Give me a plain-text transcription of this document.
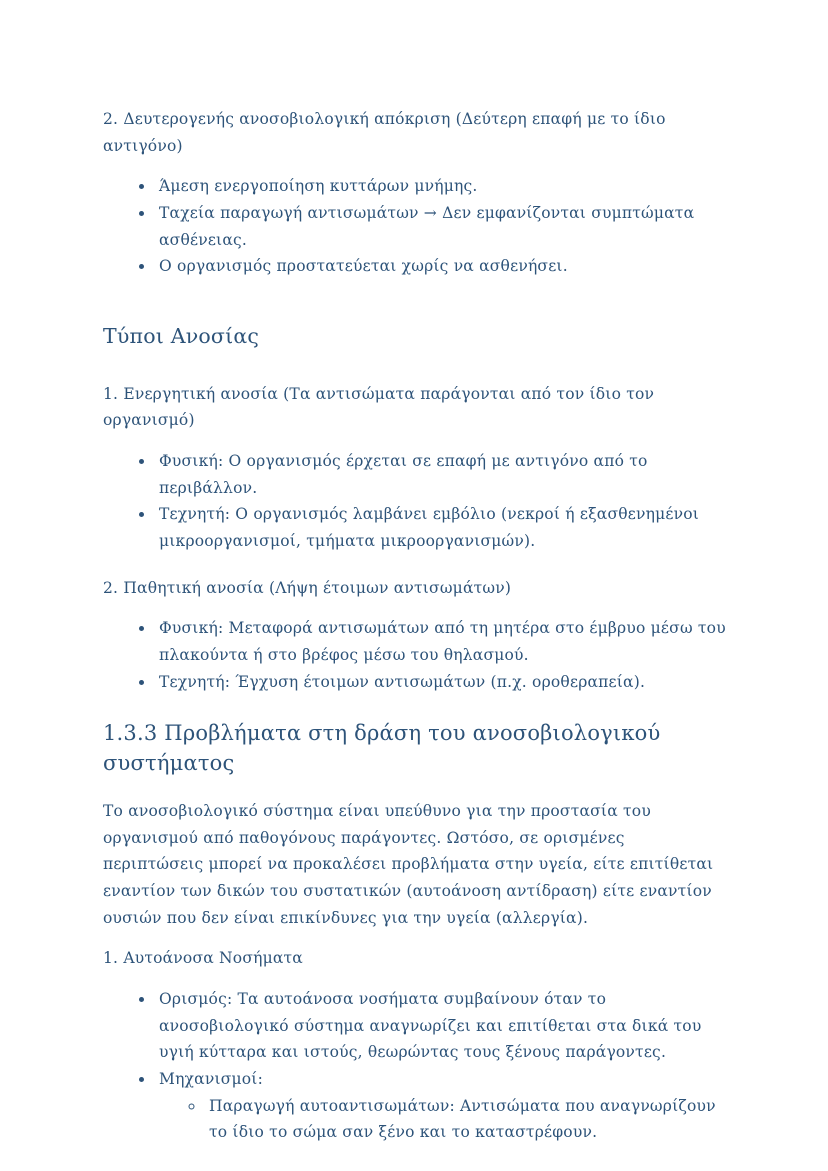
2. Δευτερογενής ανοσοβιολογική απόκριση (Δεύτερη επαφή με το ίδιο αντιγόνο)

• Άμεση ενεργοποίηση κυττάρων μνήμης.
• Ταχεία παραγωγή αντισωμάτων → Δεν εμφανίζονται συμπτώματα ασθένειας.
• Ο οργανισμός προστατεύεται χωρίς να ασθενήσει.
Τύποι Ανοσίας

1. Ενεργητική ανοσία (Τα αντισώματα παράγονται από τον ίδιο τον οργανισμό)

• Φυσική: Ο οργανισμός έρχεται σε επαφή με αντιγόνο από το περιβάλλον.
• Τεχνητή: Ο οργανισμός λαμβάνει εμβόλιο (νεκροί ή εξασθενημένοι μικροοργανισμοί, τμήματα μικροοργανισμών).

2. Παθητική ανοσία (Λήψη έτοιμων αντισωμάτων)

• Φυσική: Μεταφορά αντισωμάτων από τη μητέρα στο έμβρυο μέσω του πλακούντα ή στο βρέφος μέσω του θηλασμού.
• Τεχνητή: Έγχυση έτοιμων αντισωμάτων (π.χ. οροθεραπεία).
1.3.3 Προβλήματα στη δράση του ανοσοβιολογικού συστήματος

Το ανοσοβιολογικό σύστημα είναι υπεύθυνο για την προστασία του οργανισμού από παθογόνους παράγοντες. Ωστόσο, σε ορισμένες περιπτώσεις μπορεί να προκαλέσει προβλήματα στην υγεία, είτε επιτίθεται εναντίον των δικών του συστατικών (αυτοάνοση αντίδραση) είτε εναντίον ουσιών που δεν είναι επικίνδυνες για την υγεία (αλλεργία).

1. Αυτοάνοσα Νοσήματα

• Ορισμός: Τα αυτοάνοσα νοσήματα συμβαίνουν όταν το ανοσοβιολογικό σύστημα αναγνωρίζει και επιτίθεται στα δικά του υγιή κύτταρα και ιστούς, θεωρώντας τους ξένους παράγοντες.
• Μηχανισμοί:
◦ Παραγωγή αυτοαντισωμάτων: Αντισώματα που αναγνωρίζουν το ίδιο το σώμα σαν ξένο και το καταστρέφουν.
